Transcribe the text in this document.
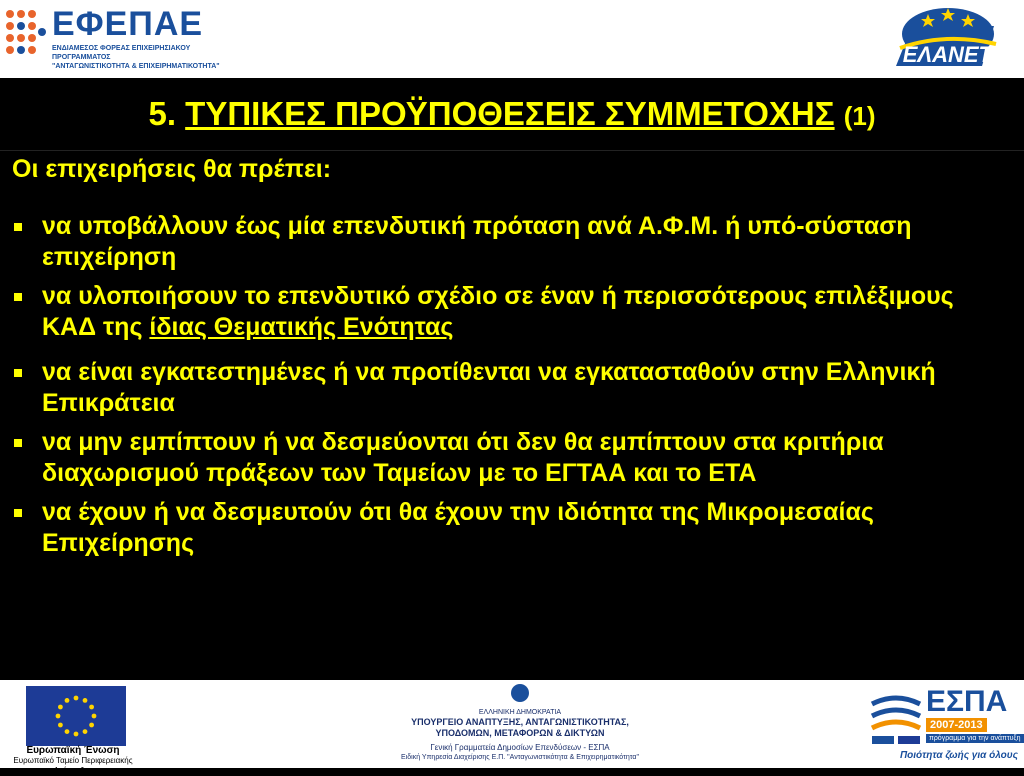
ΕΦΕΠΑΕ
ΕΝΔΙΑΜΕΣΟΣ ΦΟΡΕΑΣ ΕΠΙΧΕΙΡΗΣΙΑΚΟΥ ΠΡΟΓΡΑΜΜΑΤΟΣ
"ΑΝΤΑΓΩΝΙΣΤΙΚΟΤΗΤΑ & ΕΠΙΧΕΙΡΗΜΑΤΙΚΟΤΗΤΑ"	ΕΛΑΝΕΤ
5. ΤΥΠΙΚΕΣ ΠΡΟΫΠΟΘΕΣΕΙΣ ΣΥΜΜΕΤΟΧΗΣ (1)
Οι επιχειρήσεις θα πρέπει:
να υποβάλλουν έως μία επενδυτική πρόταση ανά Α.Φ.Μ. ή υπό-σύσταση επιχείρηση
να υλοποιήσουν το επενδυτικό σχέδιο σε έναν ή περισσότερους επιλέξιμους ΚΑΔ της ίδιας Θεματικής Ενότητας
να είναι εγκατεστημένες ή να προτίθενται να εγκατασταθούν στην Ελληνική Επικράτεια
να μην εμπίπτουν ή να δεσμεύονται ότι δεν θα εμπίπτουν στα κριτήρια διαχωρισμού πράξεων των Ταμείων με το ΕΓΤΑΑ και το ΕΤΑ
να έχουν ή να δεσμευτούν ότι θα έχουν την ιδιότητα της Μικρομεσαίας Επιχείρησης
Ευρωπαϊκή Ένωση
Ευρωπαϊκό Ταμείο Περιφερειακής Ανάπτυξης
ΕΛΛΗΝΙΚΗ ΔΗΜΟΚΡΑΤΙΑ
ΥΠΟΥΡΓΕΙΟ ΑΝΑΠΤΥΞΗΣ, ΑΝΤΑΓΩΝΙΣΤΙΚΟΤΗΤΑΣ,
ΥΠΟΔΟΜΩΝ, ΜΕΤΑΦΟΡΩΝ & ΔΙΚΤΥΩΝ
Γενική Γραμματεία Δημοσίων Επενδύσεων - ΕΣΠΑ
Ειδική Υπηρεσία Διαχείρισης Ε.Π. "Ανταγωνιστικότητα & Επιχειρηματικότητα"
ΕΣΠΑ
2007-2013
πρόγραμμα για την ανάπτυξη
Ποιότητα ζωής για όλους
